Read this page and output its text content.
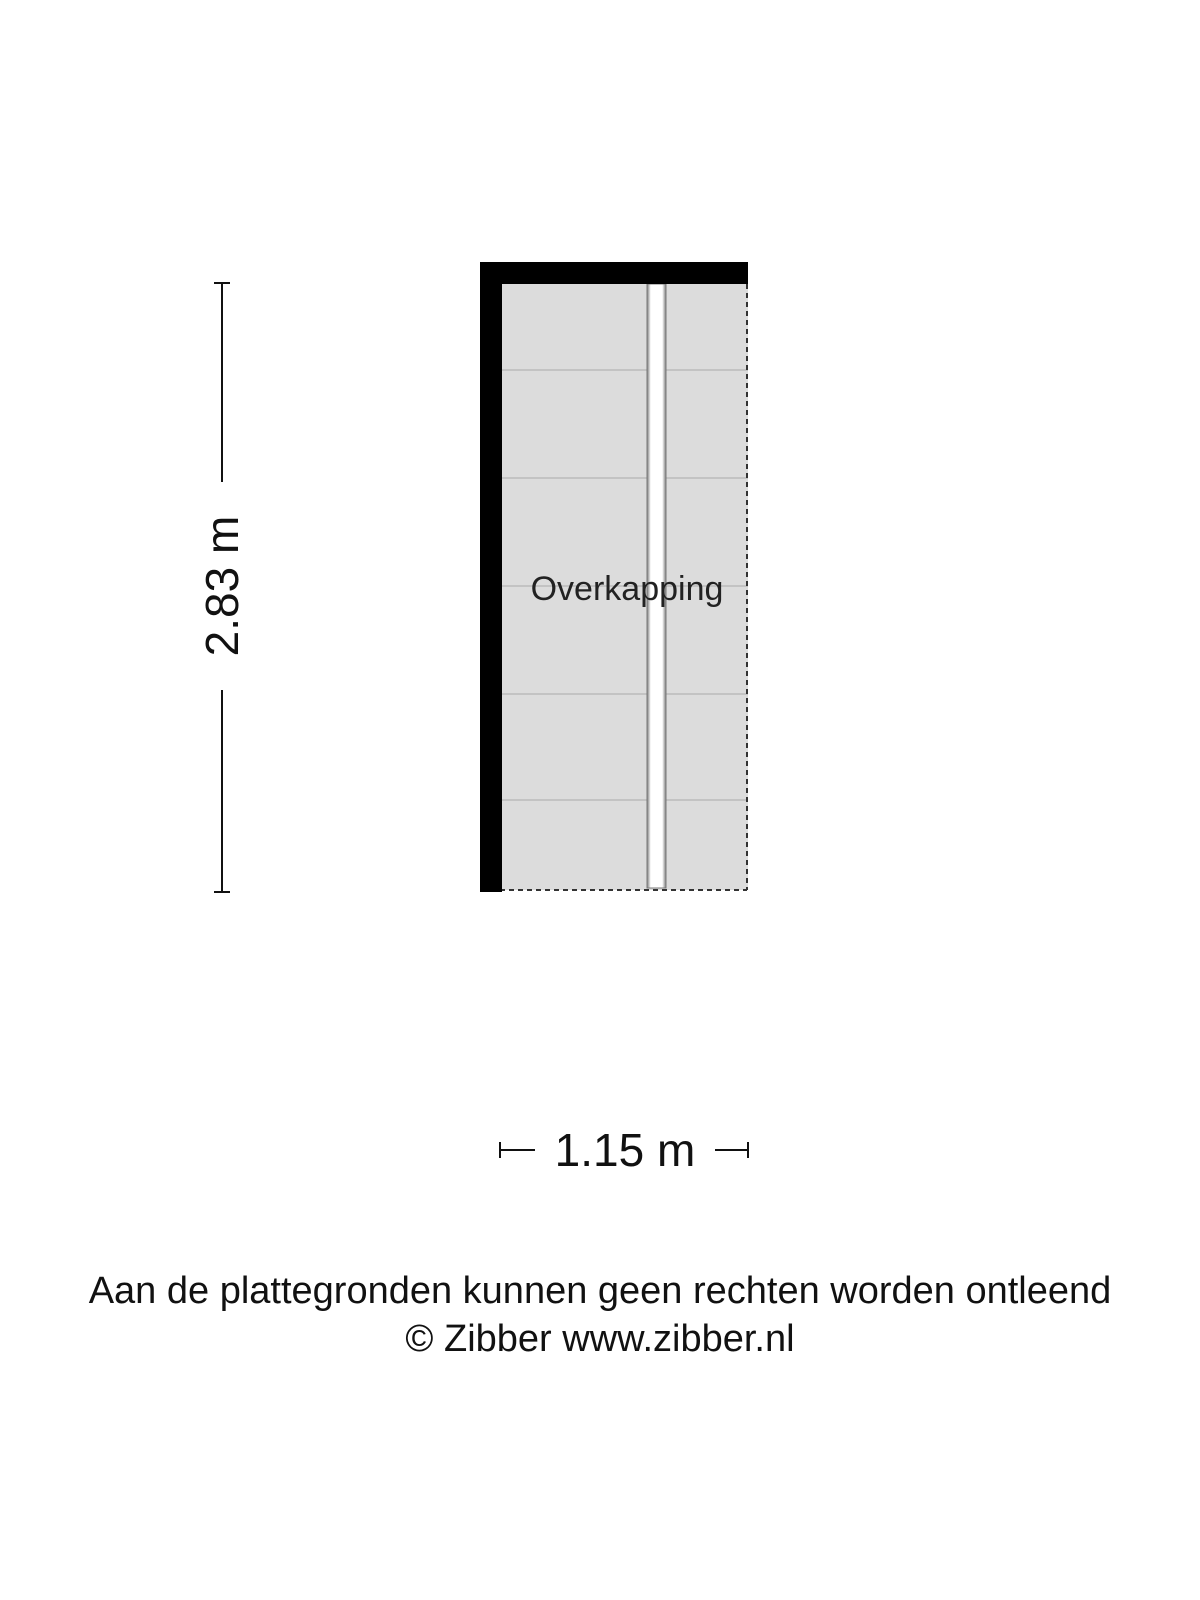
Overkapping
2.83 m
1.15 m
Aan de plattegronden kunnen geen rechten worden ontleend
© Zibber www.zibber.nl
